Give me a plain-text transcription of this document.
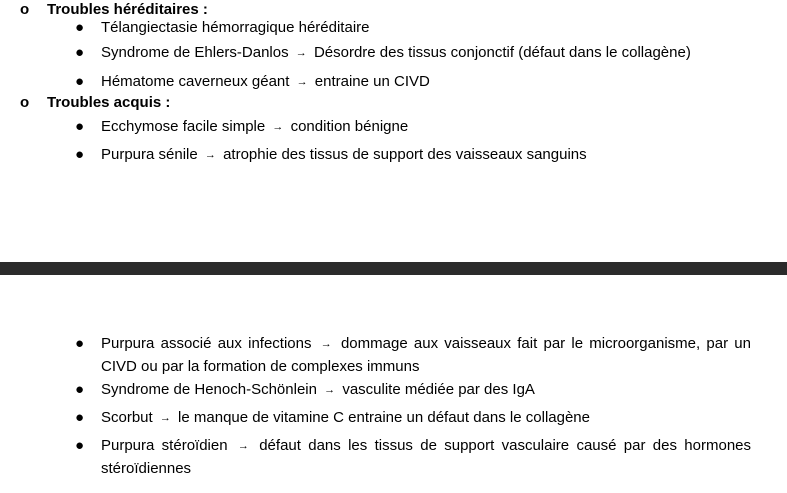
o Troubles héréditaires :
● Télangiectasie hémorragique héréditaire
● Syndrome de Ehlers-Danlos → Désordre des tissus conjonctif (défaut dans le collagène)
● Hématome caverneux géant → entraine un CIVD
o Troubles acquis :
● Ecchymose facile simple → condition bénigne
● Purpura sénile → atrophie des tissus de support des vaisseaux sanguins
● Purpura associé aux infections → dommage aux vaisseaux fait par le microorganisme, par un CIVD ou par la formation de complexes immuns
● Syndrome de Henoch-Schönlein → vasculite médiée par des IgA
● Scorbut → le manque de vitamine C entraine un défaut dans le collagène
● Purpura stéroïdien → défaut dans les tissus de support vasculaire causé par des hormones stéroïdiennes
